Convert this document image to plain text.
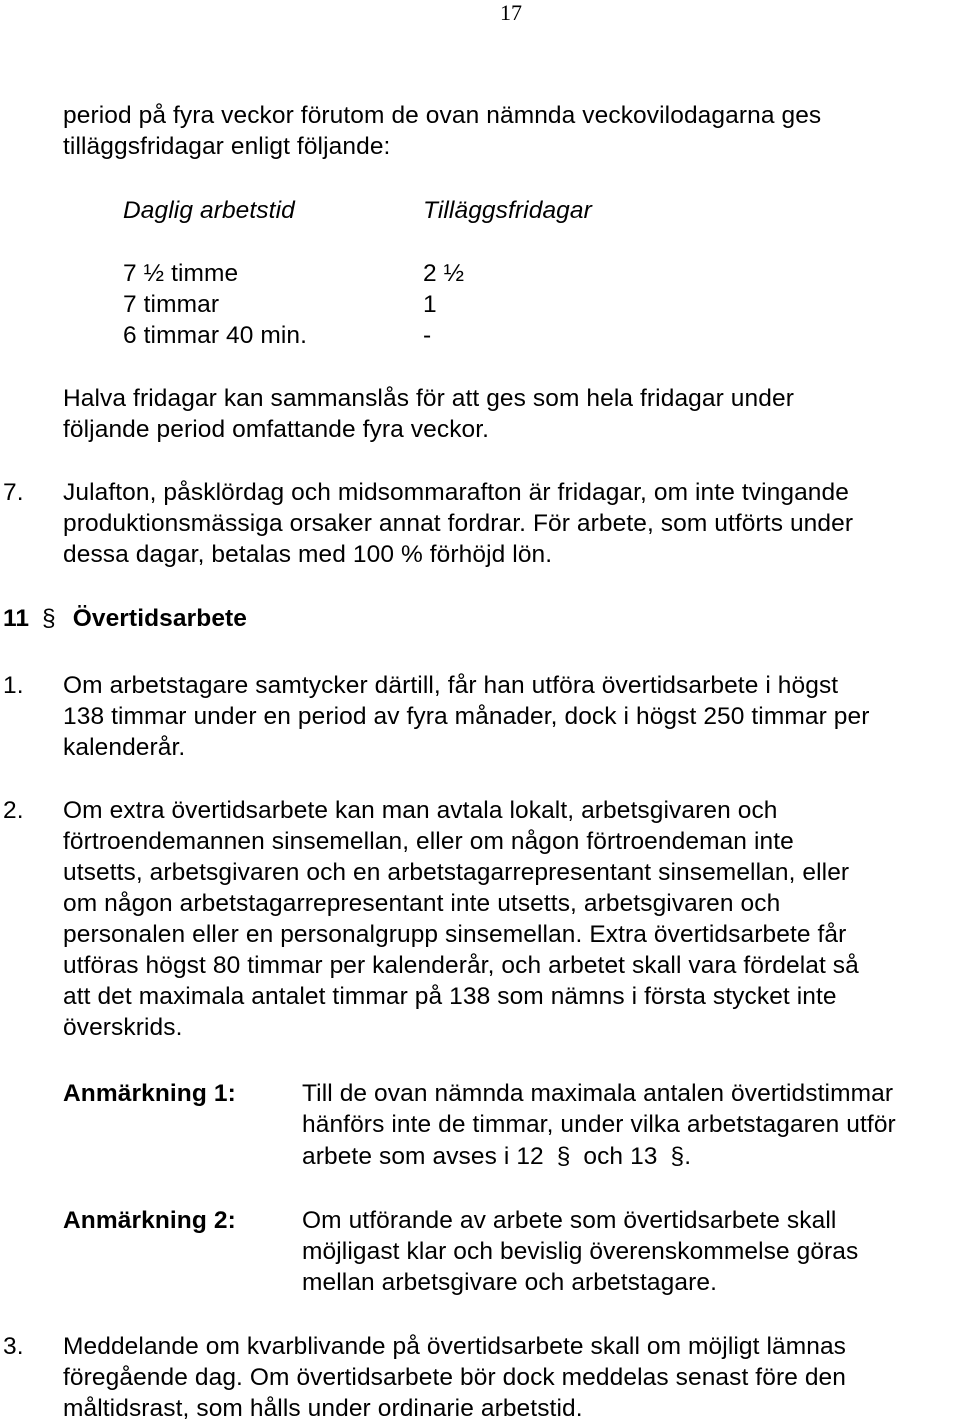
17
period på fyra veckor förutom de ovan nämnda veckovilodagarna ges
tilläggsfridagar enligt följande:
Daglig arbetstid	Tilläggsfridagar
7 ½ timme	2 ½
7 timmar	1
6 timmar 40 min.	-
Halva fridagar kan sammanslås för att ges som hela fridagar under
följande period omfattande fyra veckor.
7. Julafton, påsklördag och midsommarafton är fridagar, om inte tvingande
produktionsmässiga orsaker annat fordrar. För arbete, som utförts under
dessa dagar, betalas med 100 % förhöjd lön.
11 § Övertidsarbete
1. Om arbetstagare samtycker därtill, får han utföra övertidsarbete i högst
138 timmar under en period av fyra månader, dock i högst 250 timmar per
kalenderår.
2. Om extra övertidsarbete kan man avtala lokalt, arbetsgivaren och
förtroendemannen sinsemellan, eller om någon förtroendeman inte
utsetts, arbetsgivaren och en arbetstagarrepresentant sinsemellan, eller
om någon arbetstagarrepresentant inte utsetts, arbetsgivaren och
personalen eller en personalgrupp sinsemellan. Extra övertidsarbete får
utföras högst 80 timmar per kalenderår, och arbetet skall vara fördelat så
att det maximala antalet timmar på 138 som nämns i första stycket inte
överskrids.
Anmärkning 1:	Till de ovan nämnda maximala antalen övertidstimmar
hänförs inte de timmar, under vilka arbetstagaren utför
arbete som avses i 12 § och 13 §.
Anmärkning 2:	Om utförande av arbete som övertidsarbete skall
möjligast klar och bevislig överenskommelse göras
mellan arbetsgivare och arbetstagare.
3. Meddelande om kvarblivande på övertidsarbete skall om möjligt lämnas
föregående dag. Om övertidsarbete bör dock meddelas senast före den
måltidsrast, som hålls under ordinarie arbetstid.
